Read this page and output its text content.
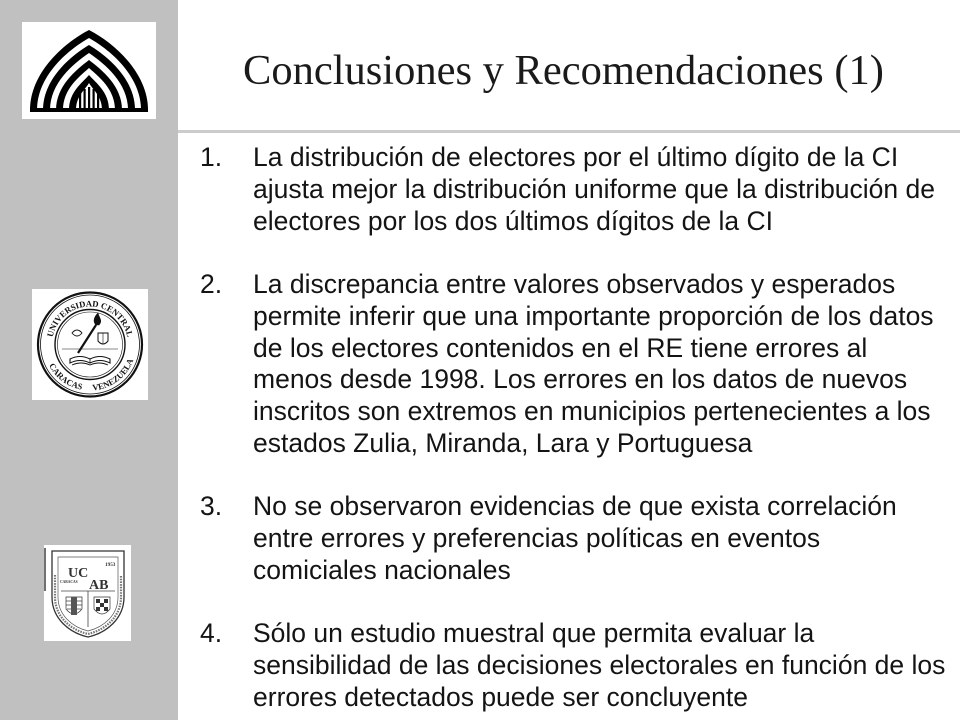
UNIVERSIDAD CENTRAL
CARACAS VENEZUELA
UC
AB
1953
CARACAS
Conclusiones y Recomendaciones (1)
1. La distribución de electores por el último dígito de la CI
ajusta mejor la distribución uniforme que la distribución de
electores por los dos últimos dígitos de la CI
2. La discrepancia entre valores observados y esperados
permite inferir que una importante proporción de los datos
de los electores contenidos en el RE tiene errores al
menos desde 1998. Los errores en los datos de nuevos
inscritos son extremos en municipios pertenecientes a los
estados Zulia, Miranda, Lara y Portuguesa
3. No se observaron evidencias de que exista correlación
entre errores y preferencias políticas en eventos
comiciales nacionales
4. Sólo un estudio muestral que permita evaluar la
sensibilidad de las decisiones electorales en función de los
errores detectados puede ser concluyente
